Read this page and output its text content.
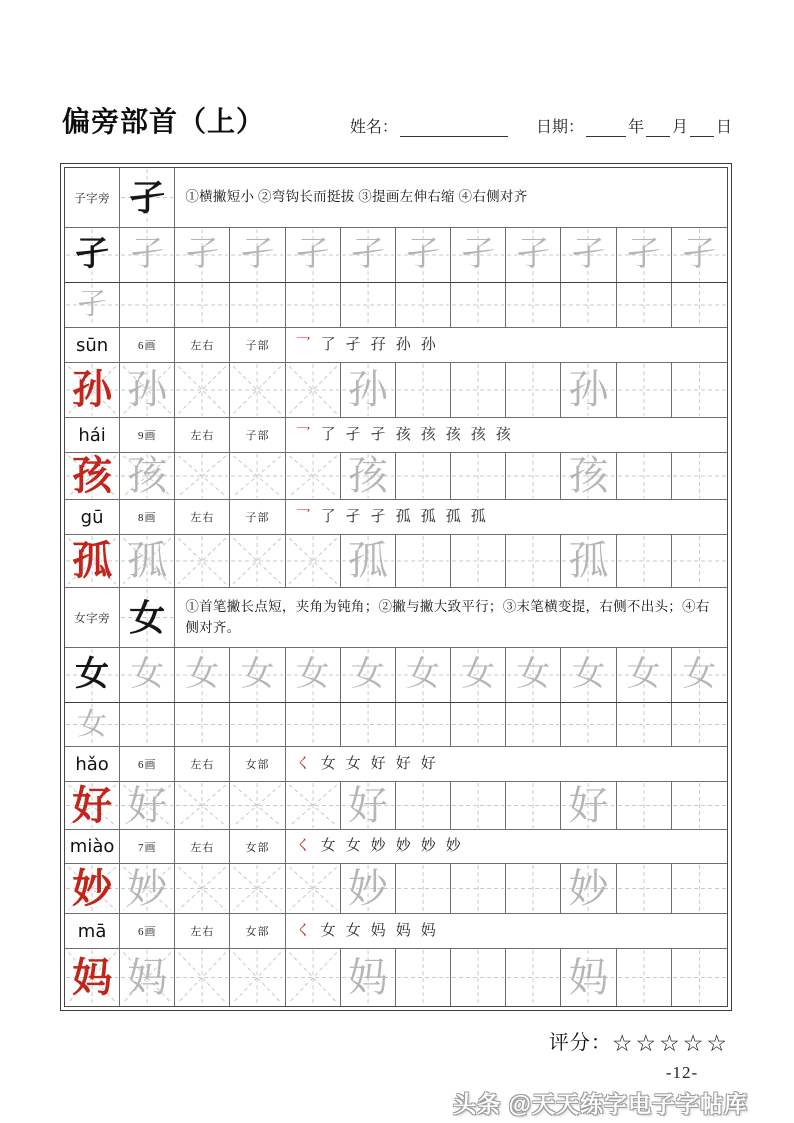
偏旁部首（上）	姓名：	日期：	年 月 日
子字旁 孑	①横撇短小 ②弯钩长而挺拔 ③提画左伸右缩 ④右侧对齐
孑 孑 孑 孑 孑 孑 孑 孑 孑 孑 孑 孑
孑
sūn	6画	左右	子部	乛 了 孑 孖 孙 孙
孙 孙	孙	孙
hái	9画	左右	子部	乛 了 孑 孑 孩 孩 孩 孩 孩
孩 孩	孩	孩
gū	8画	左右	子部	乛 了 孑 孑 孤 孤 孤 孤
孤 孤	孤	孤
女字旁 女	①首笔撇长点短，夹角为钝角；②撇与撇大致平行；③末笔横变提，右侧不出头；④右侧对齐。
女 女 女 女 女 女 女 女 女 女 女 女
女
hǎo	6画	左右	女部	く 女 女 好 好 好
好 好	好	好
miào	7画	左右	女部	く 女 女 妙 妙 妙 妙
妙 妙	妙	妙
mā	6画	左右	女部	く 女 女 妈 妈 妈
妈 妈	妈	妈
评分：☆☆☆☆☆
-12-
头条 @天天练字电子字帖库
